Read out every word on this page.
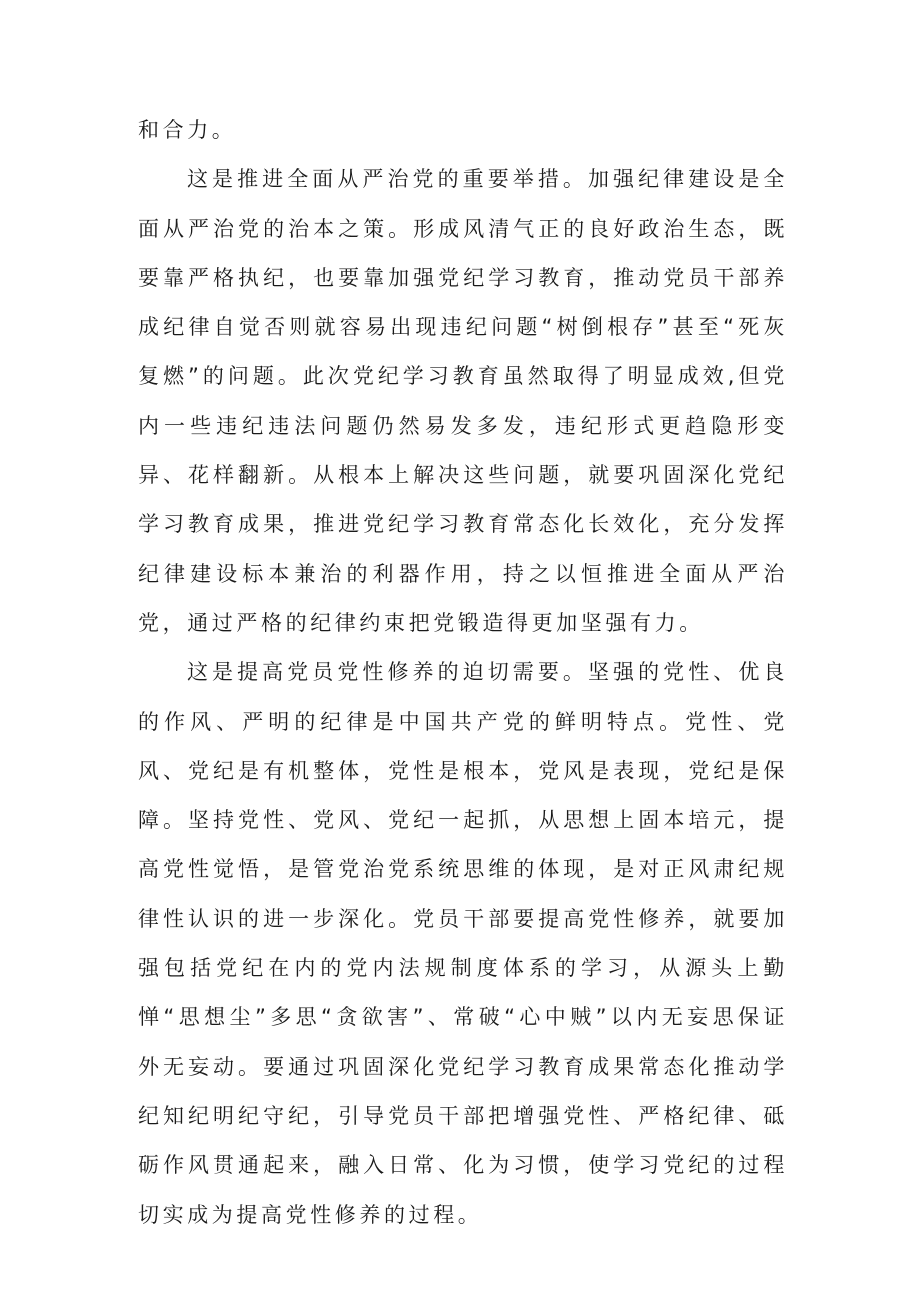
和合力。

这是推进全面从严治党的重要举措。加强纪律建设是全面从严治党的治本之策。形成风清气正的良好政治生态，既要靠严格执纪，也要靠加强党纪学习教育，推动党员干部养成纪律自觉否则就容易出现违纪问题“树倒根存”甚至“死灰复燃”的问题。此次党纪学习教育虽然取得了明显成效,但党内一些违纪违法问题仍然易发多发，违纪形式更趋隐形变异、花样翻新。从根本上解决这些问题，就要巩固深化党纪学习教育成果，推进党纪学习教育常态化长效化，充分发挥纪律建设标本兼治的利器作用，持之以恒推进全面从严治党，通过严格的纪律约束把党锻造得更加坚强有力。

这是提高党员党性修养的迫切需要。坚强的党性、优良的作风、严明的纪律是中国共产党的鲜明特点。党性、党风、党纪是有机整体，党性是根本，党风是表现，党纪是保障。坚持党性、党风、党纪一起抓，从思想上固本培元，提高党性觉悟，是管党治党系统思维的体现，是对正风肃纪规律性认识的进一步深化。党员干部要提高党性修养，就要加强包括党纪在内的党内法规制度体系的学习，从源头上勤惮“思想尘”多思“贪欲害”、常破“心中贼”以内无妄思保证外无妄动。要通过巩固深化党纪学习教育成果常态化推动学纪知纪明纪守纪，引导党员干部把增强党性、严格纪律、砥砺作风贯通起来，融入日常、化为习惯，使学习党纪的过程切实成为提高党性修养的过程。
